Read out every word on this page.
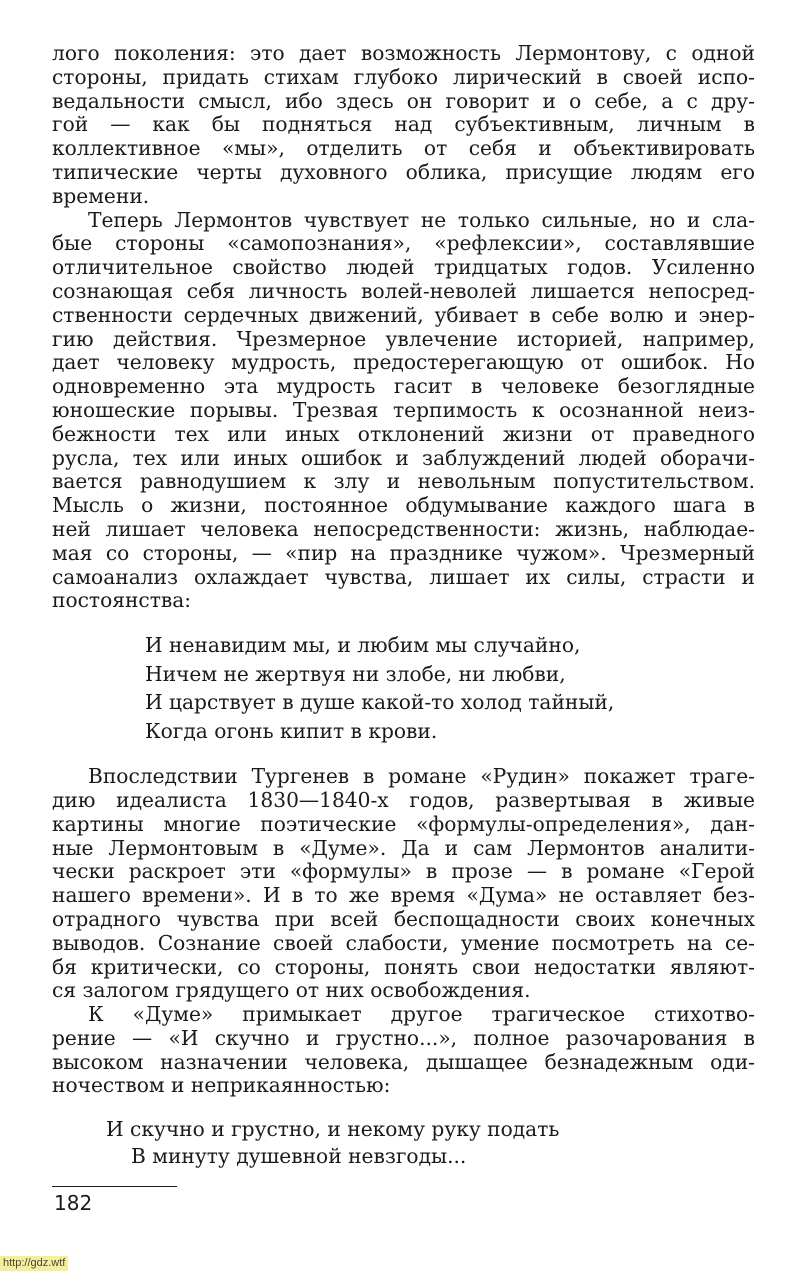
лого поколения: это дает возможность Лермонтову, с одной
стороны, придать стихам глубоко лирический в своей испо-
ведальности смысл, ибо здесь он говорит и о себе, а с дру-
гой — как бы подняться над субъективным, личным в
коллективное «мы», отделить от себя и объективировать
типические черты духовного облика, присущие людям его
времени.

Теперь Лермонтов чувствует не только сильные, но и сла-
бые стороны «самопознания», «рефлексии», составлявшие
отличительное свойство людей тридцатых годов. Усиленно
сознающая себя личность волей-неволей лишается непосред-
ственности сердечных движений, убивает в себе волю и энер-
гию действия. Чрезмерное увлечение историей, например,
дает человеку мудрость, предостерегающую от ошибок. Но
одновременно эта мудрость гасит в человеке безоглядные
юношеские порывы. Трезвая терпимость к осознанной неиз-
бежности тех или иных отклонений жизни от праведного
русла, тех или иных ошибок и заблуждений людей оборачи-
вается равнодушием к злу и невольным попустительством.
Мысль о жизни, постоянное обдумывание каждого шага в
ней лишает человека непосредственности: жизнь, наблюдае-
мая со стороны, — «пир на празднике чужом». Чрезмерный
самоанализ охлаждает чувства, лишает их силы, страсти и
постоянства:

И ненавидим мы, и любим мы случайно,
Ничем не жертвуя ни злобе, ни любви,
И царствует в душе какой-то холод тайный,
Когда огонь кипит в крови.

Впоследствии Тургенев в романе «Рудин» покажет траге-
дию идеалиста 1830—1840-х годов, развертывая в живые
картины многие поэтические «формулы-определения», дан-
ные Лермонтовым в «Думе». Да и сам Лермонтов аналити-
чески раскроет эти «формулы» в прозе — в романе «Герой
нашего времени». И в то же время «Дума» не оставляет без-
отрадного чувства при всей беспощадности своих конечных
выводов. Сознание своей слабости, умение посмотреть на се-
бя критически, со стороны, понять свои недостатки являют-
ся залогом грядущего от них освобождения.

К «Думе» примыкает другое трагическое стихотво-
рение — «И скучно и грустно...», полное разочарования в
высоком назначении человека, дышащее безнадежным оди-
ночеством и неприкаянностью:

И скучно и грустно, и некому руку подать
В минуту душевной невзгоды...
182
http://gdz.wtf
